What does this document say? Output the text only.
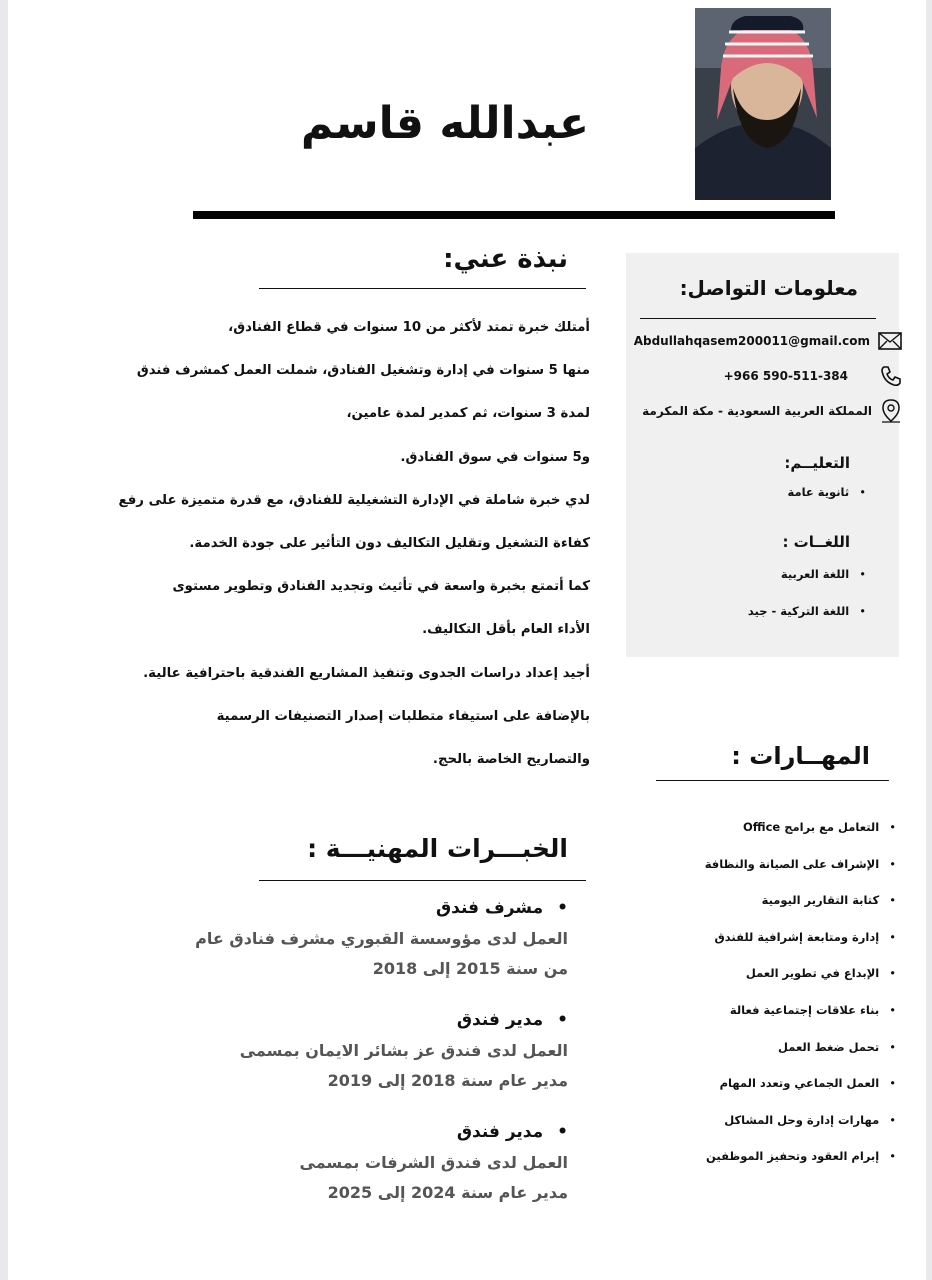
عبدالله قاسم
نبذة عني:

أمتلك خبرة تمتد لأكثر من 10 سنوات في قطاع الفنادق،

منها 5 سنوات في إدارة وتشغيل الفنادق، شملت العمل كمشرف فندق

لمدة 3 سنوات، ثم كمدير لمدة عامين،

و5 سنوات في سوق الفنادق.

لدي خبرة شاملة في الإدارة التشغيلية للفنادق، مع قدرة متميزة على رفع

كفاءة التشغيل وتقليل التكاليف دون التأثير على جودة الخدمة.

كما أتمتع بخبرة واسعة في تأثيث وتجديد الفنادق وتطوير مستوى

الأداء العام بأقل التكاليف.

أجيد إعداد دراسات الجدوى وتنفيذ المشاريع الفندقية باحترافية عالية.

بالإضافة على استيفاء متطلبات إصدار التصنيفات الرسمية

والتصاريح الخاصة بالحج.

الخبـــرات المهنيـــة :
• مشرف فندق
العمل لدى مؤوسسة القبوري مشرف فنادق عام
من سنة 2015 إلى 2018
• مدير فندق
العمل لدى فندق عز بشائر الايمان بمسمى
مدير عام سنة 2018 إلى 2019
• مدير فندق
العمل لدى فندق الشرفات بمسمى
مدير عام سنة 2024 إلى 2025
معلومات التواصل:
Abdullahqasem200011@gmail.com
+966 590-511-384
المملكة العربية السعودية - مكة المكرمة
التعليــم:
• ثانوية عامة
اللغــات :
• اللغة العربية
• اللغة التركية - جيد
المهــارات :
• التعامل مع برامج Office
• الإشراف على الصيانة والنظافة
• كتابة التقارير اليومية
• إدارة ومتابعة إشرافية للفندق
• الإبداع في تطوير العمل
• بناء علاقات إجتماعية فعالة
• تحمل ضغط العمل
• العمل الجماعي وتعدد المهام
• مهارات إدارة وحل المشاكل
• إبرام العقود وتحفيز الموظفين
